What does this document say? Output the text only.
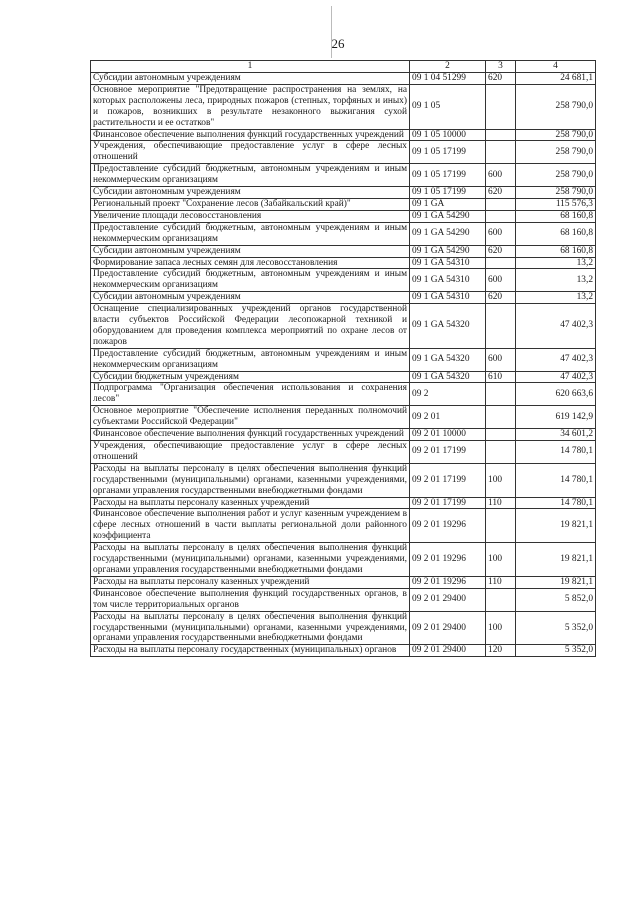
26
1	2	3	4
Субсидии автономным учреждениям	09 1 04 51299	620	24 681,1
Основное мероприятие "Предотвращение распространения на землях, на которых расположены леса, природных пожаров (степных, торфяных и иных) и пожаров, возникших в результате незаконного выжигания сухой растительности и ее остатков"	09 1 05		258 790,0
Финансовое обеспечение выполнения функций государственных учреждений	09 1 05 10000		258 790,0
Учреждения, обеспечивающие предоставление услуг в сфере лесных отношений	09 1 05 17199		258 790,0
Предоставление субсидий бюджетным, автономным учреждениям и иным некоммерческим организациям	09 1 05 17199	600	258 790,0
Субсидии автономным учреждениям	09 1 05 17199	620	258 790,0
Региональный проект "Сохранение лесов (Забайкальский край)"	09 1 GA		115 576,3
Увеличение площади лесовосстановления	09 1 GA 54290		68 160,8
Предоставление субсидий бюджетным, автономным учреждениям и иным некоммерческим организациям	09 1 GA 54290	600	68 160,8
Субсидии автономным учреждениям	09 1 GA 54290	620	68 160,8
Формирование запаса лесных семян для лесовосстановления	09 1 GA 54310		13,2
Предоставление субсидий бюджетным, автономным учреждениям и иным некоммерческим организациям	09 1 GA 54310	600	13,2
Субсидии автономным учреждениям	09 1 GA 54310	620	13,2
Оснащение специализированных учреждений органов государственной власти субъектов Российской Федерации лесопожарной техникой и оборудованием для проведения комплекса мероприятий по охране лесов от пожаров	09 1 GA 54320		47 402,3
Предоставление субсидий бюджетным, автономным учреждениям и иным некоммерческим организациям	09 1 GA 54320	600	47 402,3
Субсидии бюджетным учреждениям	09 1 GA 54320	610	47 402,3
Подпрограмма "Организация обеспечения использования и сохранения лесов"	09 2		620 663,6
Основное мероприятие "Обеспечение исполнения переданных полномочий субъектами Российской Федерации"	09 2 01		619 142,9
Финансовое обеспечение выполнения функций государственных учреждений	09 2 01 10000		34 601,2
Учреждения, обеспечивающие предоставление услуг в сфере лесных отношений	09 2 01 17199		14 780,1
Расходы на выплаты персоналу в целях обеспечения выполнения функций государственными (муниципальными) органами, казенными учреждениями, органами управления государственными внебюджетными фондами	09 2 01 17199	100	14 780,1
Расходы на выплаты персоналу казенных учреждений	09 2 01 17199	110	14 780,1
Финансовое обеспечение выполнения работ и услуг казенным учреждением в сфере лесных отношений в части выплаты региональной доли районного коэффициента	09 2 01 19296		19 821,1
Расходы на выплаты персоналу в целях обеспечения выполнения функций государственными (муниципальными) органами, казенными учреждениями, органами управления государственными внебюджетными фондами	09 2 01 19296	100	19 821,1
Расходы на выплаты персоналу казенных учреждений	09 2 01 19296	110	19 821,1
Финансовое обеспечение выполнения функций государственных органов, в том числе территориальных органов	09 2 01 29400		5 852,0
Расходы на выплаты персоналу в целях обеспечения выполнения функций государственными (муниципальными) органами, казенными учреждениями, органами управления государственными внебюджетными фондами	09 2 01 29400	100	5 352,0
Расходы на выплаты персоналу государственных (муниципальных) органов	09 2 01 29400	120	5 352,0
